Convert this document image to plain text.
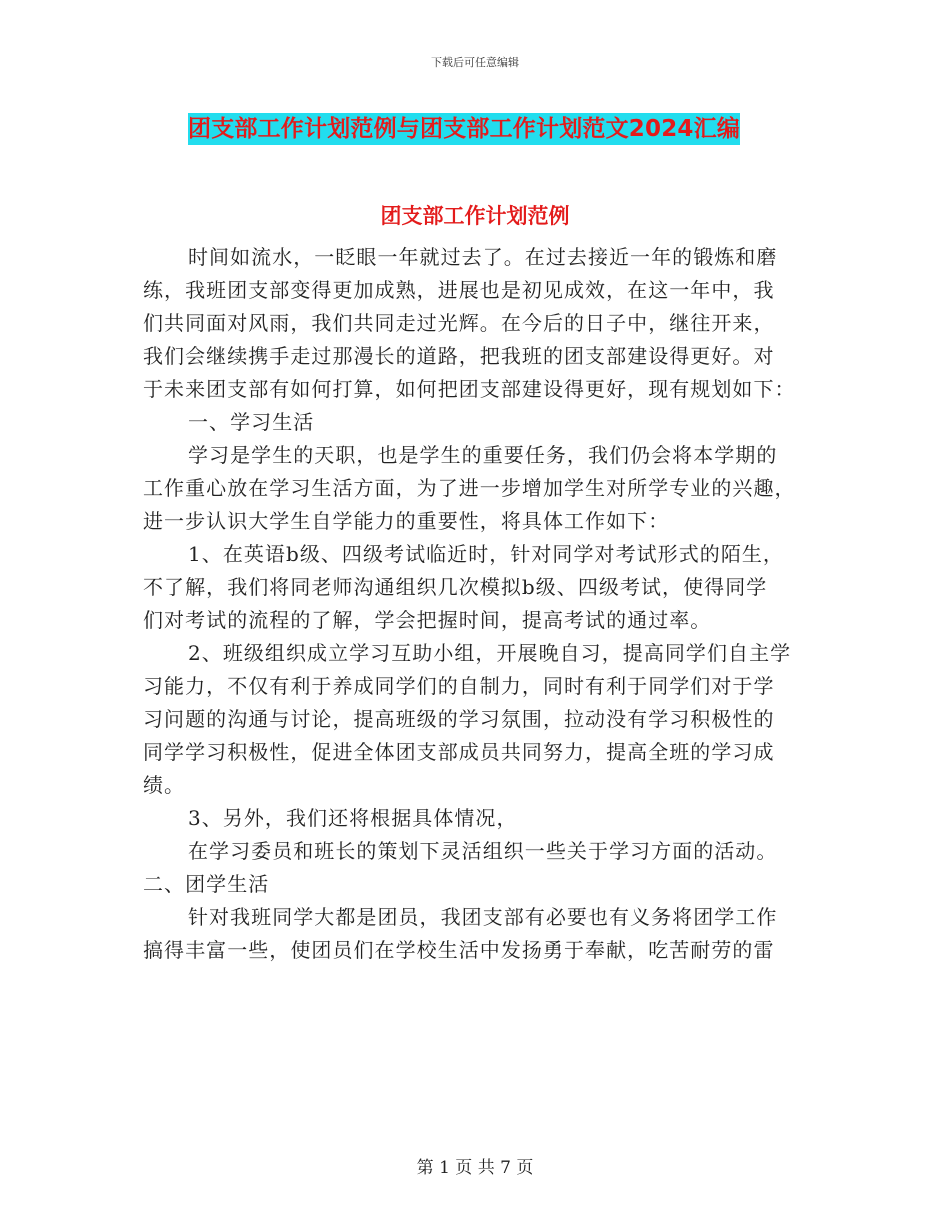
下载后可任意编辑
团支部工作计划范例与团支部工作计划范文2024汇编
团支部工作计划范例
时间如流水，一眨眼一年就过去了。在过去接近一年的锻炼和磨
练，我班团支部变得更加成熟，进展也是初见成效，在这一年中，我
们共同面对风雨，我们共同走过光辉。在今后的日子中，继往开来，
我们会继续携手走过那漫长的道路，把我班的团支部建设得更好。对
于未来团支部有如何打算，如何把团支部建设得更好，现有规划如下：
一、学习生活
学习是学生的天职，也是学生的重要任务，我们仍会将本学期的
工作重心放在学习生活方面，为了进一步增加学生对所学专业的兴趣，
进一步认识大学生自学能力的重要性，将具体工作如下：
1、在英语b级、四级考试临近时，针对同学对考试形式的陌生，
不了解，我们将同老师沟通组织几次模拟b级、四级考试，使得同学
们对考试的流程的了解，学会把握时间，提高考试的通过率。
2、班级组织成立学习互助小组，开展晚自习，提高同学们自主学
习能力，不仅有利于养成同学们的自制力，同时有利于同学们对于学
习问题的沟通与讨论，提高班级的学习氛围，拉动没有学习积极性的
同学学习积极性，促进全体团支部成员共同努力，提高全班的学习成
绩。
3、另外，我们还将根据具体情况，
在学习委员和班长的策划下灵活组织一些关于学习方面的活动。
二、团学生活
针对我班同学大都是团员，我团支部有必要也有义务将团学工作
搞得丰富一些，使团员们在学校生活中发扬勇于奉献，吃苦耐劳的雷
第 1 页 共 7 页
